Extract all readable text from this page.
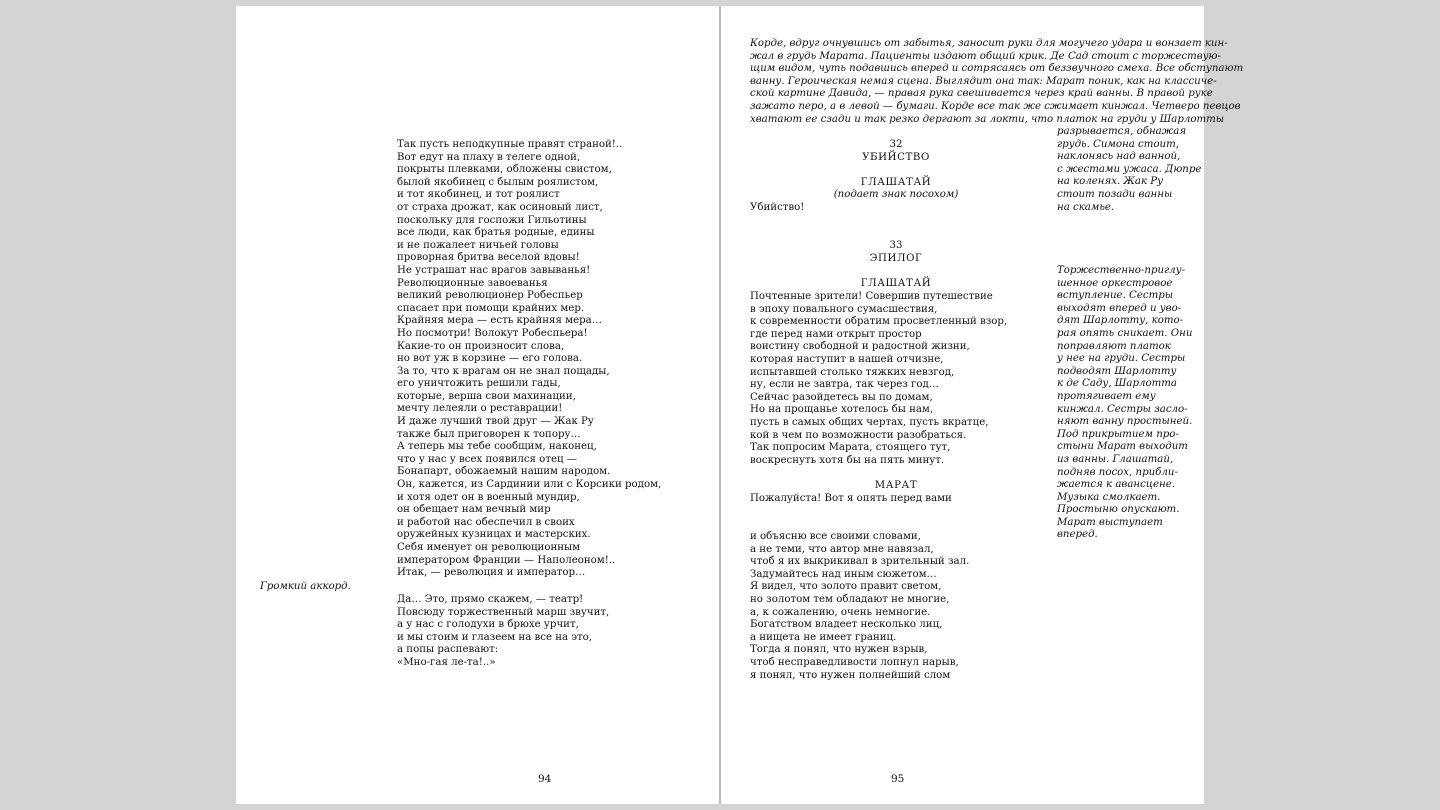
Так пусть неподкупные правят страной!..
Вот едут на плаху в телеге одной,
покрыты плевками, обложены свистом,
былой якобинец с былым роялистом,
и тот якобинец, и тот роялист
от страха дрожат, как осиновый лист,
поскольку для госпожи Гильотины
все люди, как братья родные, едины
и не пожалеет ничьей головы
проворная бритва веселой вдовы!
Не устрашат нас врагов завыванья!
Революционные завоеванья
великий революционер Робеспьер
спасает при помощи крайних мер.
Крайняя мера — есть крайняя мера…
Но посмотри! Волокут Робеспьера!
Какие-то он произносит слова,
но вот уж в корзине — его голова.
За то, что к врагам он не знал пощады,
его уничтожить решили гады,
которые, верша свои махинации,
мечту лелеяли о реставрации!
И даже лучший твой друг — Жак Ру
также был приговорен к топору…
А теперь мы тебе сообщим, наконец,
что у нас у всех появился отец —
Бонапарт, обожаемый нашим народом.
Он, кажется, из Сардинии или с Корсики родом,
и хотя одет он в военный мундир,
он обещает нам вечный мир
и работой нас обеспечил в своих
оружейных кузницах и мастерских.
Себя именует он революционным
императором Франции — Наполеоном!..
Итак, — революция и император…
Громкий аккорд.
Да… Это, прямо скажем, — театр!
Повсюду торжественный марш звучит,
а у нас с голодухи в брюхе урчит,
и мы стоим и глазеем на все на это,
а попы распевают:
«Мно-гая ле-та!..»
94
Корде, вдруг очнувшись от забытья, заносит руки для могучего удара и вонзает кин-
жал в грудь Марата. Пациенты издают общий крик. Де Сад стоит с торжествую-
щим видом, чуть подавшись вперед и сотрясаясь от беззвучного смеха. Все обступают
ванну. Героическая немая сцена. Выглядит она так: Марат поник, как на классиче-
ской картине Давида, — правая рука свешивается через край ванны. В правой руке
зажато перо, а в левой — бумаги. Корде все так же сжимает кинжал. Четверо певцов
хватают ее сзади и так резко дергают за локти, что платок на груди у Шарлотты
разрывается, обнажая
грудь. Симона стоит,
наклонясь над ванной,
с жестами ужаса. Дюпре
на коленях. Жак Ру
стоит позади ванны
на скамье.
32
УБИЙСТВО
ГЛАШАТАЙ
(подает знак посохом)
Убийство!
33
ЭПИЛОГ
ГЛАШАТАЙ
Почтенные зрители! Совершив путешествие
в эпоху повального сумасшествия,
к современности обратим просветленный взор,
где перед нами открыт простор
воистину свободной и радостной жизни,
которая наступит в нашей отчизне,
испытавшей столько тяжких невзгод,
ну, если не завтра, так через год…
Сейчас разойдетесь вы по домам,
Но на прощанье хотелось бы нам,
пусть в самых общих чертах, пусть вкратце,
кой в чем по возможности разобраться.
Так попросим Марата, стоящего тут,
воскреснуть хотя бы на пять минут.
МАРАТ
Пожалуйста! Вот я опять перед вами
и объясню все своими словами,
а не теми, что автор мне навязал,
чтоб я их выкрикивал в зрительный зал.
Задумайтесь над иным сюжетом…
Я видел, что золото правит светом,
но золотом тем обладают не многие,
а, к сожалению, очень немногие.
Богатством владеет несколько лиц,
а нищета не имеет границ.
Тогда я понял, что нужен взрыв,
чтоб несправедливости лопнул нарыв,
я понял, что нужен полнейший слом
Торжественно-приглу-
шенное оркестровое
вступление. Сестры
выходят вперед и уво-
дят Шарлотту, кото-
рая опять сникает. Они
поправляют платок
у нее на груди. Сестры
подводят Шарлотту
к де Саду, Шарлотта
протягивает ему
кинжал. Сестры засло-
няют ванну простыней.
Под прикрытием про-
стыни Марат выходит
из ванны. Глашатай,
подняв посох, прибли-
жается к авансцене.
Музыка смолкает.
Простыню опускают.
Марат выступает
вперед.
95
